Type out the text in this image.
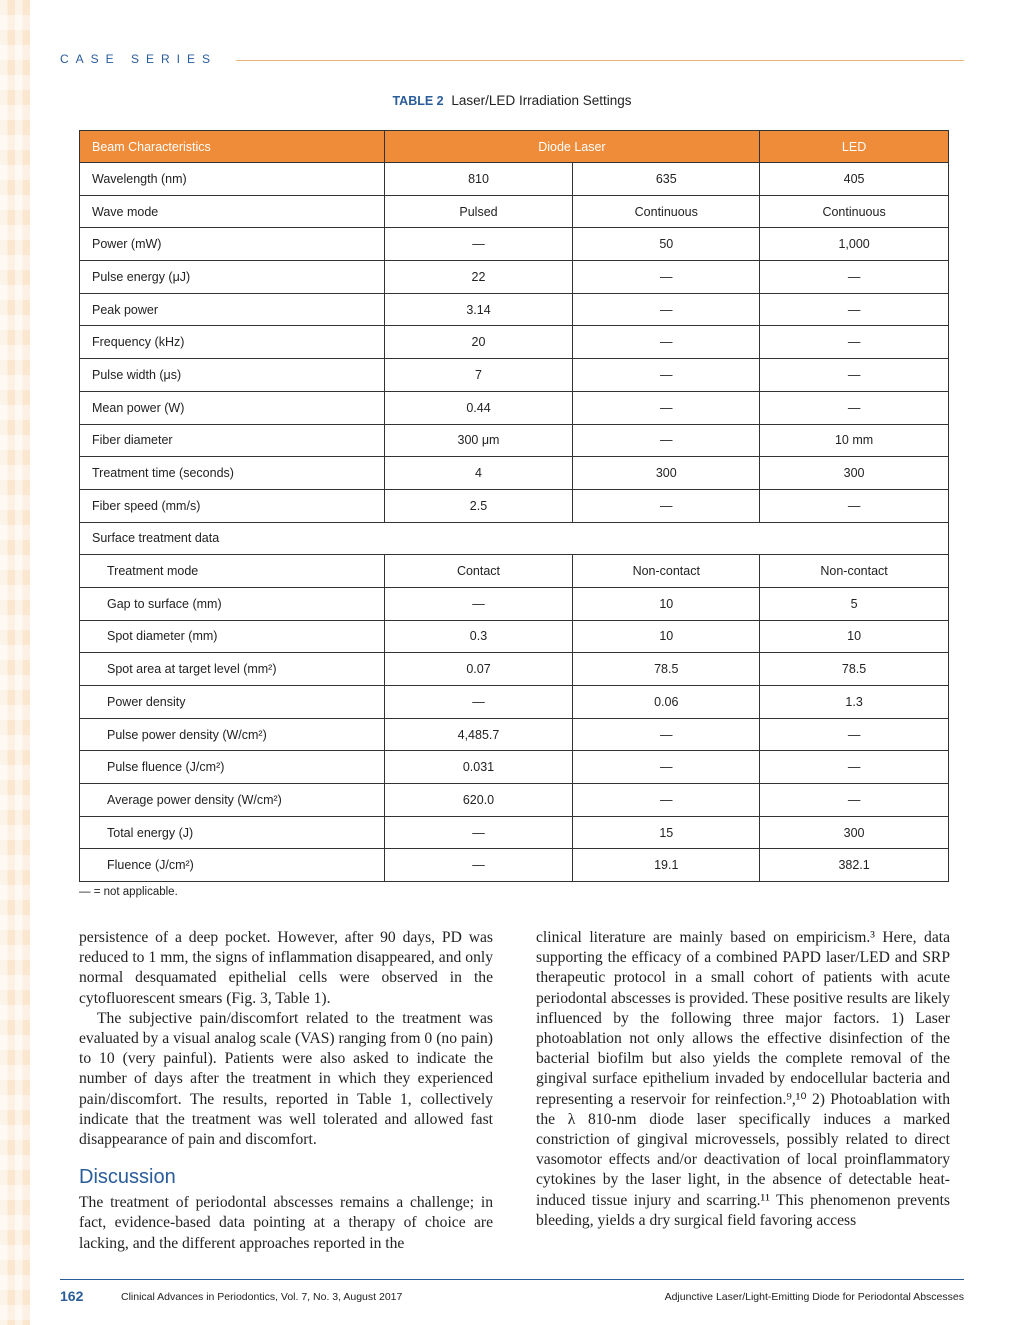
CASE SERIES
TABLE 2 Laser/LED Irradiation Settings
Beam Characteristics	Diode Laser		LED
Wavelength (nm)	810	635	405
Wave mode	Pulsed	Continuous	Continuous
Power (mW)	—	50	1,000
Pulse energy (μJ)	22	—	—
Peak power	3.14	—	—
Frequency (kHz)	20	—	—
Pulse width (μs)	7	—	—
Mean power (W)	0.44	—	—
Fiber diameter	300 μm	—	10 mm
Treatment time (seconds)	4	300	300
Fiber speed (mm/s)	2.5	—	—
Surface treatment data			
Treatment mode	Contact	Non-contact	Non-contact
Gap to surface (mm)	—	10	5
Spot diameter (mm)	0.3	10	10
Spot area at target level (mm²)	0.07	78.5	78.5
Power density	—	0.06	1.3
Pulse power density (W/cm²)	4,485.7	—	—
Pulse fluence (J/cm²)	0.031	—	—
Average power density (W/cm²)	620.0	—	—
Total energy (J)	—	15	300
Fluence (J/cm²)	—	19.1	382.1
— = not applicable.

persistence of a deep pocket. However, after 90 days, PD was reduced to 1 mm, the signs of inflammation disappeared, and only normal desquamated epithelial cells were observed in the cytofluorescent smears (Fig. 3, Table 1).

The subjective pain/discomfort related to the treatment was evaluated by a visual analog scale (VAS) ranging from 0 (no pain) to 10 (very painful). Patients were also asked to indicate the number of days after the treatment in which they experienced pain/discomfort. The results, reported in Table 1, collectively indicate that the treatment was well tolerated and allowed fast disappearance of pain and discomfort.

Discussion

The treatment of periodontal abscesses remains a challenge; in fact, evidence-based data pointing at a therapy of choice are lacking, and the different approaches reported in the

clinical literature are mainly based on empiricism.³ Here, data supporting the efficacy of a combined PAPD laser/LED and SRP therapeutic protocol in a small cohort of patients with acute periodontal abscesses is provided. These positive results are likely influenced by the following three major factors. 1) Laser photoablation not only allows the effective disinfection of the bacterial biofilm but also yields the complete removal of the gingival surface epithelium invaded by endocellular bacteria and representing a reservoir for reinfection.⁹,¹⁰ 2) Photoablation with the λ 810-nm diode laser specifically induces a marked constriction of gingival microvessels, possibly related to direct vasomotor effects and/or deactivation of local proinflammatory cytokines by the laser light, in the absence of detectable heat-induced tissue injury and scarring.¹¹ This phenomenon prevents bleeding, yields a dry surgical field favoring access

162	Clinical Advances in Periodontics, Vol. 7, No. 3, August 2017	Adjunctive Laser/Light-Emitting Diode for Periodontal Abscesses
